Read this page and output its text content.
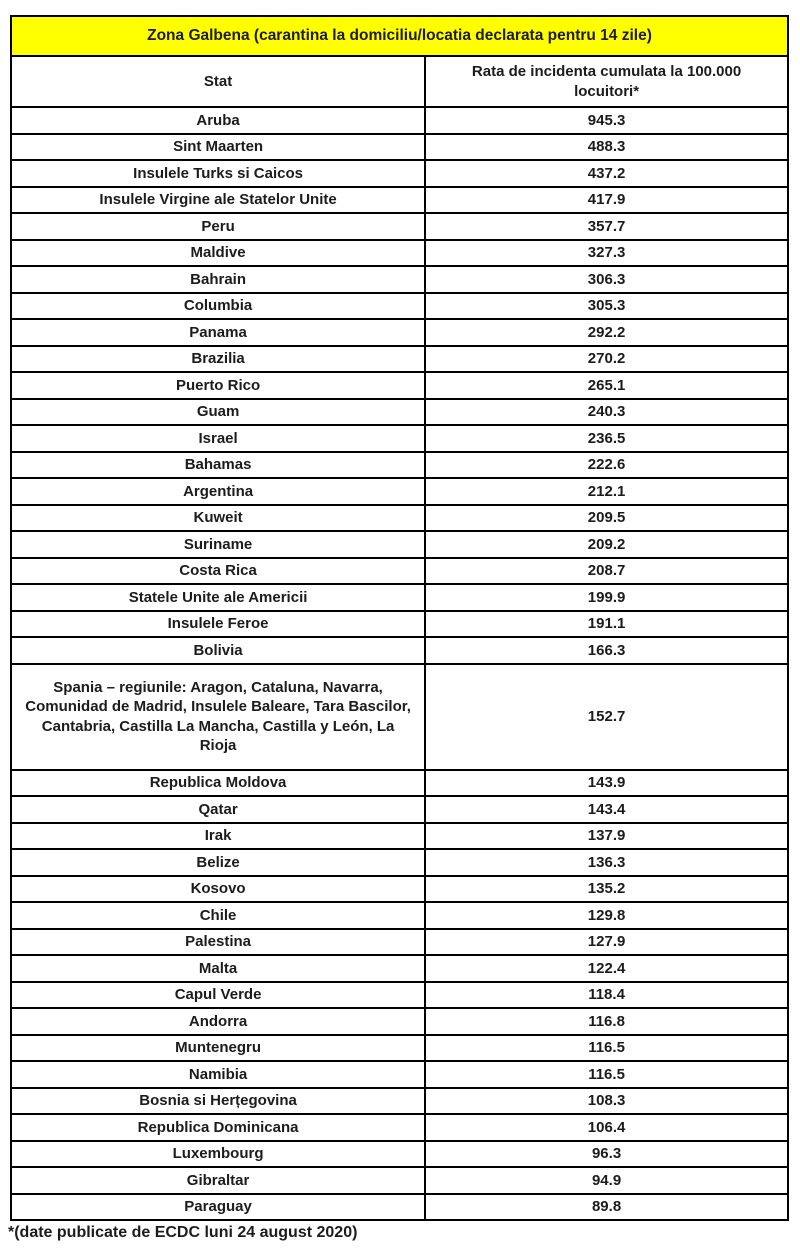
Zona Galbena (carantina la domiciliu/locatia declarata pentru 14 zile)	
Stat	Rata de incidenta cumulata la 100.000 locuitori*
Aruba	945.3
Sint Maarten	488.3
Insulele Turks si Caicos	437.2
Insulele Virgine ale Statelor Unite	417.9
Peru	357.7
Maldive	327.3
Bahrain	306.3
Columbia	305.3
Panama	292.2
Brazilia	270.2
Puerto Rico	265.1
Guam	240.3
Israel	236.5
Bahamas	222.6
Argentina	212.1
Kuweit	209.5
Suriname	209.2
Costa Rica	208.7
Statele Unite ale Americii	199.9
Insulele Feroe	191.1
Bolivia	166.3
Spania – regiunile: Aragon, Cataluna, Navarra, Comunidad de Madrid, Insulele Baleare, Tara Bascilor, Cantabria, Castilla La Mancha, Castilla y León, La Rioja	152.7
Republica Moldova	143.9
Qatar	143.4
Irak	137.9
Belize	136.3
Kosovo	135.2
Chile	129.8
Palestina	127.9
Malta	122.4
Capul Verde	118.4
Andorra	116.8
Muntenegru	116.5
Namibia	116.5
Bosnia si Herțegovina	108.3
Republica Dominicana	106.4
Luxembourg	96.3
Gibraltar	94.9
Paraguay	89.8
*(date publicate de ECDC luni 24 august 2020)
